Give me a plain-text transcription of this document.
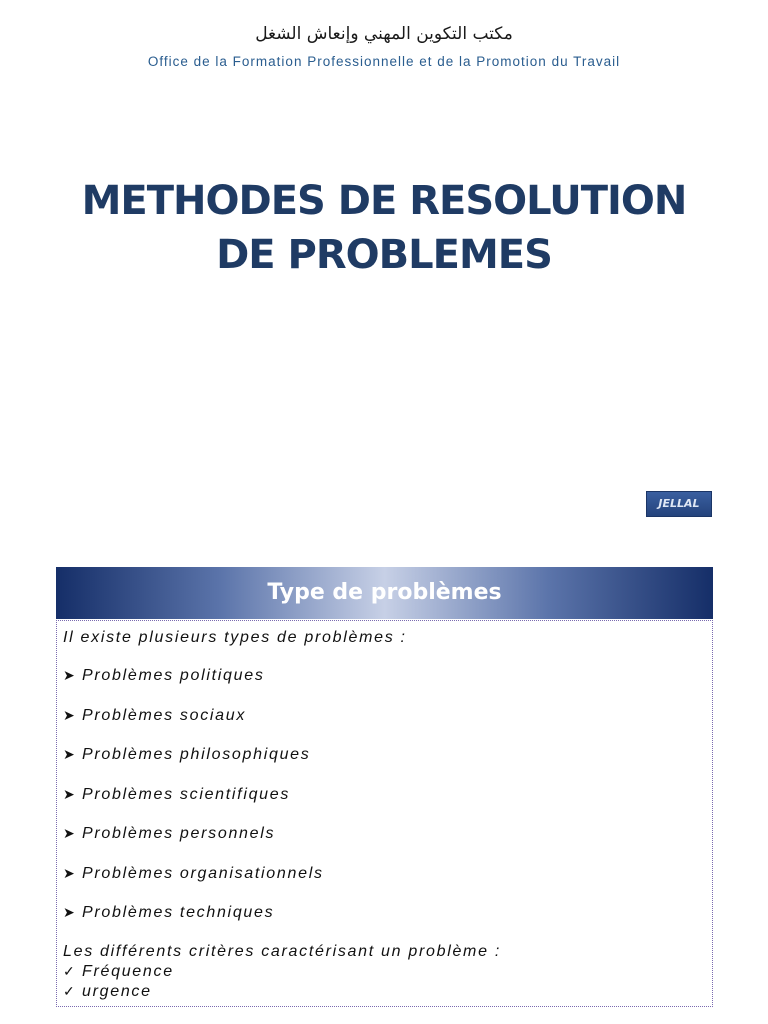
مكتب التكوين المهني وإنعاش الشغل
Office de la Formation Professionnelle et de la Promotion du Travail
METHODES DE RESOLUTION
DE PROBLEMES
JELLAL
Type de problèmes
Il existe plusieurs types de problèmes :
➤ Problèmes politiques
➤ Problèmes sociaux
➤ Problèmes philosophiques
➤ Problèmes scientifiques
➤ Problèmes personnels
➤ Problèmes organisationnels
➤ Problèmes techniques
Les différents critères caractérisant un problème :
✓ Fréquence
✓ urgence
